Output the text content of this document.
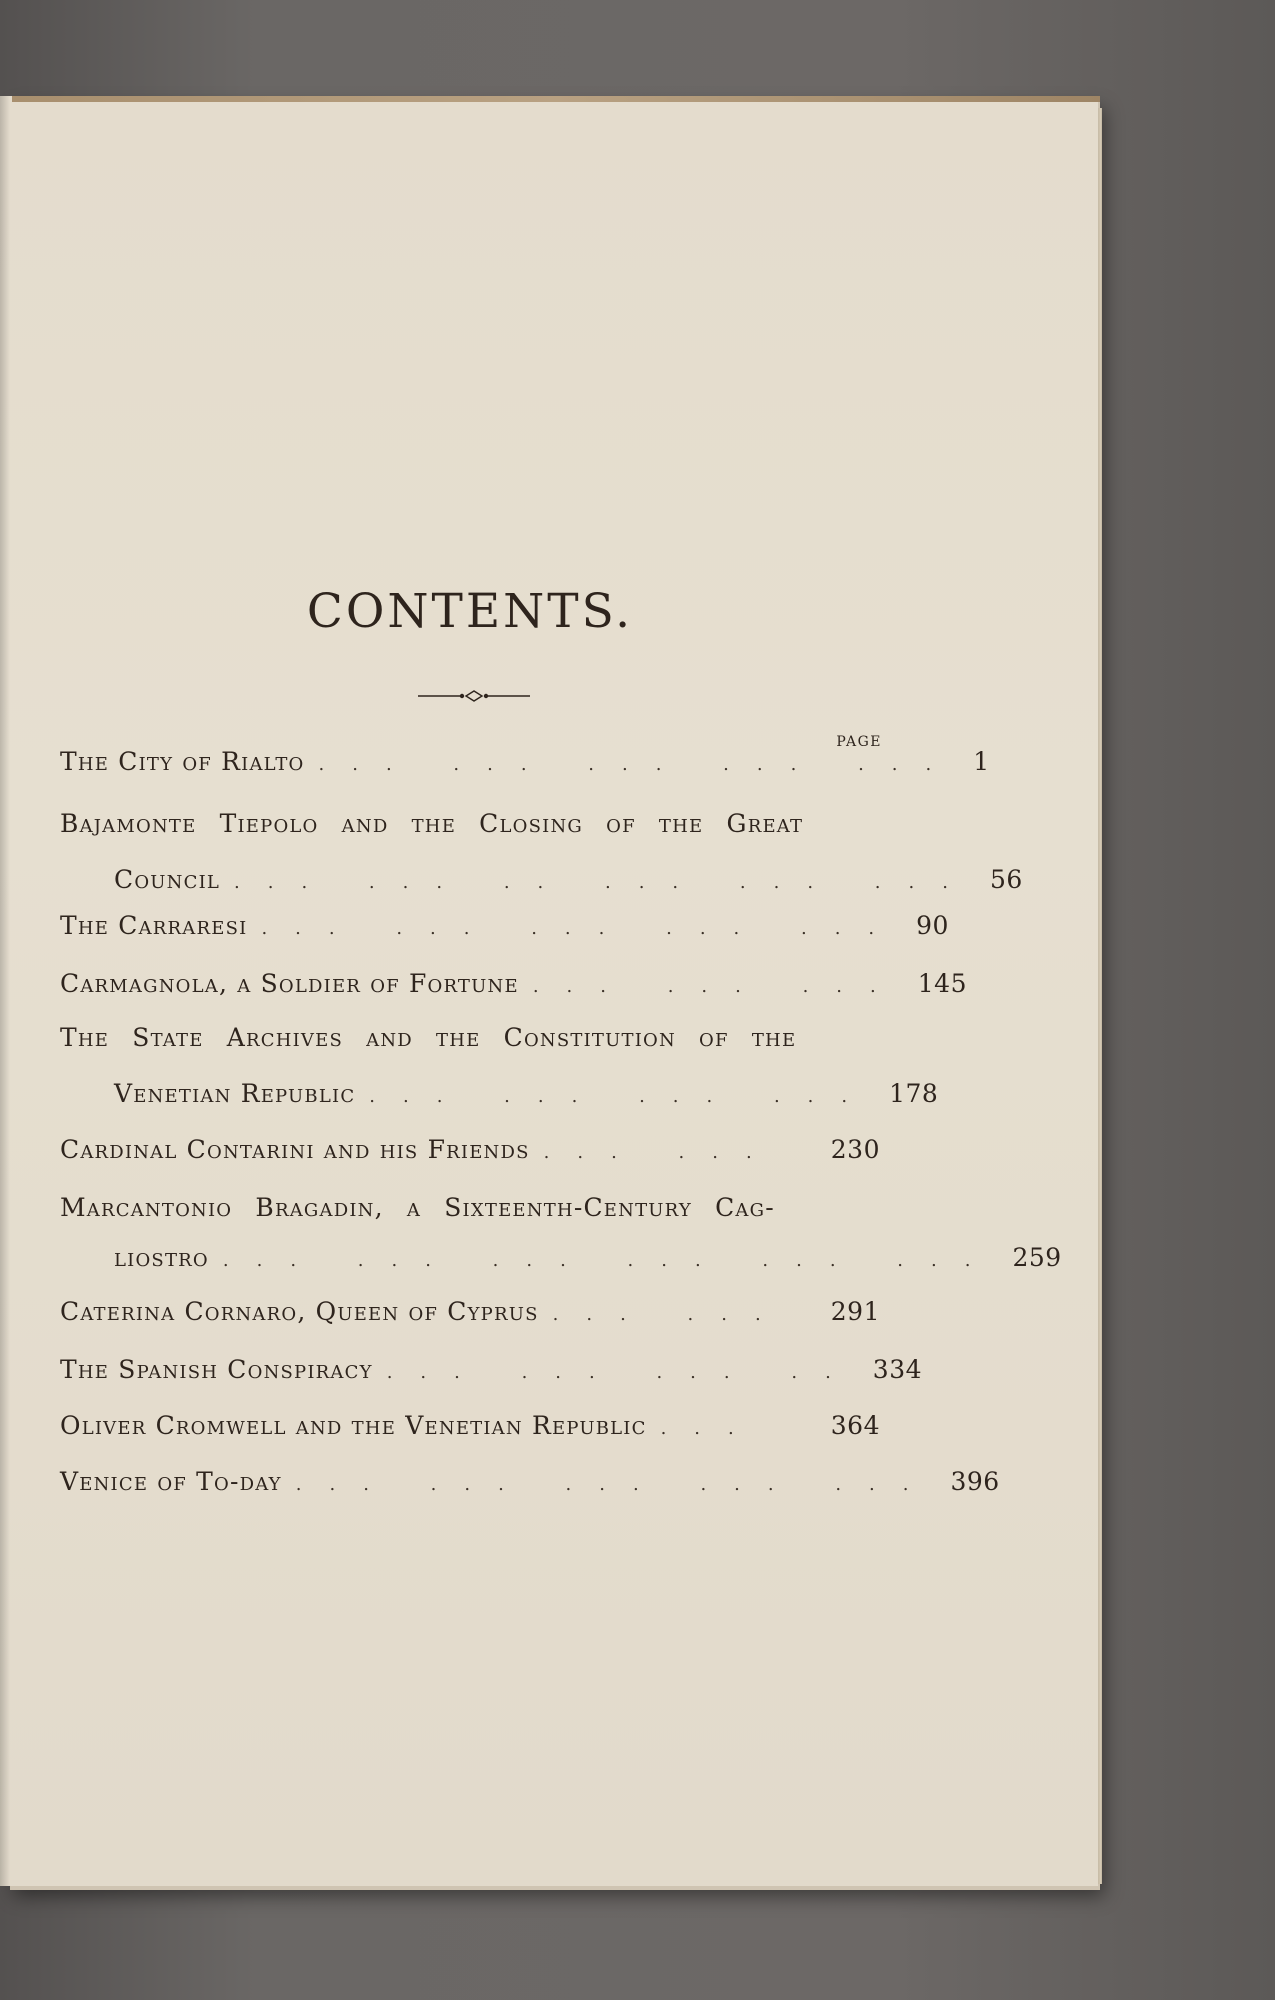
CONTENTS.
PAGE
The City of Rialto ... ... ... ... ... 1
Bajamonte Tiepolo and the Closing of the Great
Council ... ... .. ... ... ... 56
The Carraresi ... ... ... ... ... 90
Carmagnola, a Soldier of Fortune ... ... ... 145
The State Archives and the Constitution of the
Venetian Republic ... ... ... ... 178
Cardinal Contarini and his Friends ... ...	230
Marcantonio Bragadin, a Sixteenth-Century Cag-
liostro ... ... ... ... ... ... 259
Caterina Cornaro, Queen of Cyprus ... ...	291
The Spanish Conspiracy ... ... ... .. 334
Oliver Cromwell and the Venetian Republic ...	364
Venice of To-day ... ... ... ... ... 396
